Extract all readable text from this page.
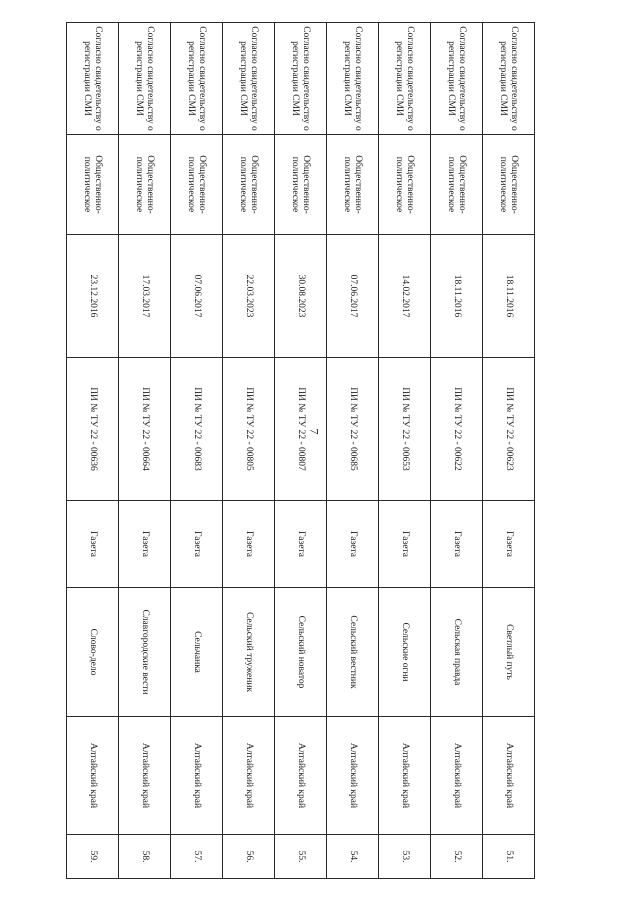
7
Согласно свидетельству о регистрации СМИ	Общественно-политическое	18.11.2016	ПИ № ТУ 22 - 00623	Газета	Светлый путь	Алтайский край	51.
Согласно свидетельству о регистрации СМИ	Общественно-политическое	18.11.2016	ПИ № ТУ 22 - 00622	Газета	Сельская правда	Алтайский край	52.
Согласно свидетельству о регистрации СМИ	Общественно-политическое	14.02.2017	ПИ № ТУ 22 - 00653	Газета	Сельские огни	Алтайский край	53.
Согласно свидетельству о регистрации СМИ	Общественно-политическое	07.06.2017	ПИ № ТУ 22 - 00685	Газета	Сельский вестник	Алтайский край	54.
Согласно свидетельству о регистрации СМИ	Общественно-политическое	30.08.2023	ПИ № ТУ 22 - 00807	Газета	Сельский новатор	Алтайский край	55.
Согласно свидетельству о регистрации СМИ	Общественно-политическое	22.03.2023	ПИ № ТУ 22 - 00805	Газета	Сельский труженик	Алтайский край	56.
Согласно свидетельству о регистрации СМИ	Общественно-политическое	07.06.2017	ПИ № ТУ 22 - 00683	Газета	Сельчанка	Алтайский край	57.
Согласно свидетельству о регистрации СМИ	Общественно-политическое	17.03.2017	ПИ № ТУ 22 - 00664	Газета	Славгородские вести	Алтайский край	58.
Согласно свидетельству о регистрации СМИ	Общественно-политическое	23.12.2016	ПИ № ТУ 22 - 00636	Газета	Слово-дело	Алтайский край	59.
